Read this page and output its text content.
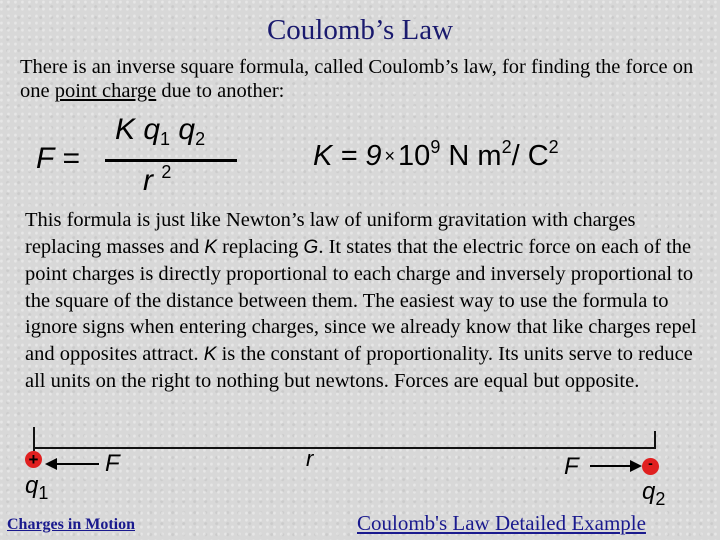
Coulomb’s Law
There is an inverse square formula, called Coulomb’s law, for finding the force on one point charge due to another:
F =
K $q_1$ $q_2$
r $^2$	$K = 9 \times 10^9$ N $m^2/$ $C^2$
This formula is just like Newton’s law of uniform gravitation with charges replacing masses and K replacing G. It states that the electric force on each of the point charges is directly proportional to each charge and inversely proportional to the square of the distance between them. The easiest way to use the formula to ignore signs when entering charges, since we already know that like charges repel and opposites attract. K is the constant of proportionality. Its units serve to reduce all units on the right to nothing but newtons. Forces are equal but opposite.
+	-
F	r	F
$q_1$	$q_2$
Charges in Motion	Coulomb's Law Detailed Example
